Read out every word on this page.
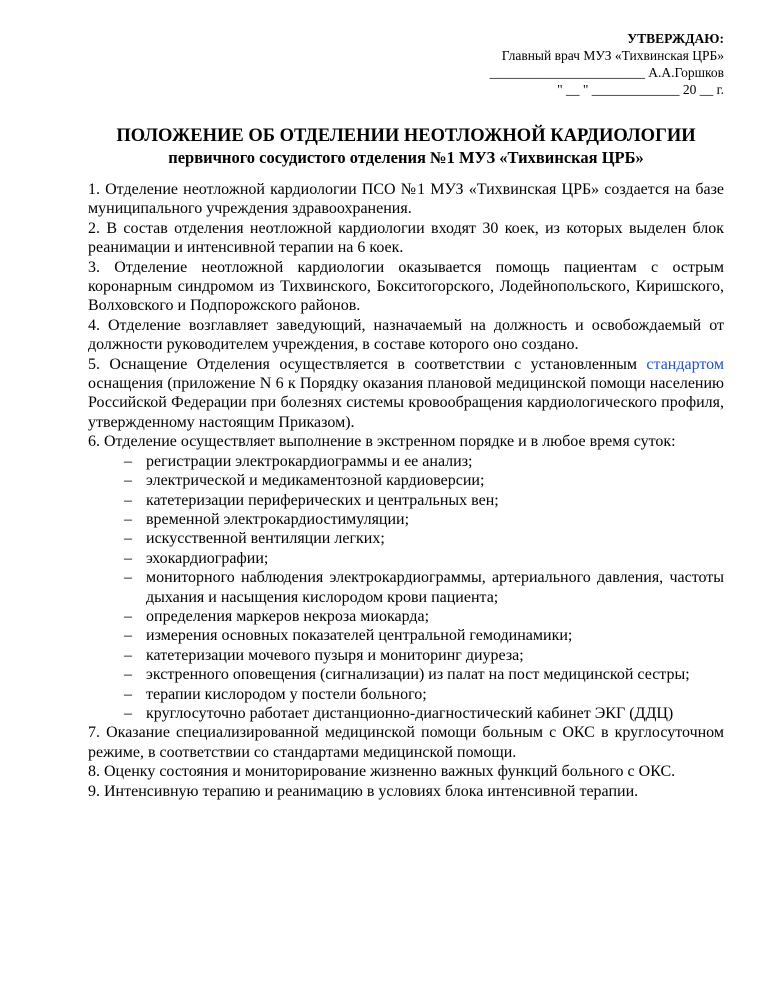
УТВЕРЖДАЮ:
Главный врач МУЗ «Тихвинская ЦРБ»
_______________________ А.А.Горшков
" __ " _____________ 20 __ г.
ПОЛОЖЕНИЕ ОБ ОТДЕЛЕНИИ НЕОТЛОЖНОЙ КАРДИОЛОГИИ
первичного сосудистого отделения №1 МУЗ «Тихвинская ЦРБ»

1. Отделение неотложной кардиологии ПСО №1 МУЗ «Тихвинская ЦРБ» создается на базе муниципального учреждения здравоохранения.

2. В состав отделения неотложной кардиологии входят 30 коек, из которых выделен блок реанимации и интенсивной терапии на 6 коек.

3. Отделение неотложной кардиологии оказывается помощь пациентам с острым коронарным синдромом из Тихвинского, Бокситогорского, Лодейнопольского, Киришского, Волховского и Подпорожского районов.

4. Отделение возглавляет заведующий, назначаемый на должность и освобождаемый от должности руководителем учреждения, в составе которого оно создано.

5. Оснащение Отделения осуществляется в соответствии с установленным стандартом оснащения (приложение N 6 к Порядку оказания плановой медицинской помощи населению Российской Федерации при болезнях системы кровообращения кардиологического профиля, утвержденному настоящим Приказом).

6. Отделение осуществляет выполнение в экстренном порядке и в любое время суток:

– регистрации электрокардиограммы и ее анализ;
– электрической и медикаментозной кардиоверсии;
– катетеризации периферических и центральных вен;
– временной электрокардиостимуляции;
– искусственной вентиляции легких;
– эхокардиографии;
– мониторного наблюдения электрокардиограммы, артериального давления, частоты дыхания и насыщения кислородом крови пациента;
– определения маркеров некроза миокарда;
– измерения основных показателей центральной гемодинамики;
– катетеризации мочевого пузыря и мониторинг диуреза;
– экстренного оповещения (сигнализации) из палат на пост медицинской сестры;
– терапии кислородом у постели больного;
– круглосуточно работает дистанционно-диагностический кабинет ЭКГ (ДДЦ)

7. Оказание специализированной медицинской помощи больным с ОКС в круглосуточном режиме, в соответствии со стандартами медицинской помощи.

8. Оценку состояния и мониторирование жизненно важных функций больного с ОКС.

9. Интенсивную терапию и реанимацию в условиях блока интенсивной терапии.
